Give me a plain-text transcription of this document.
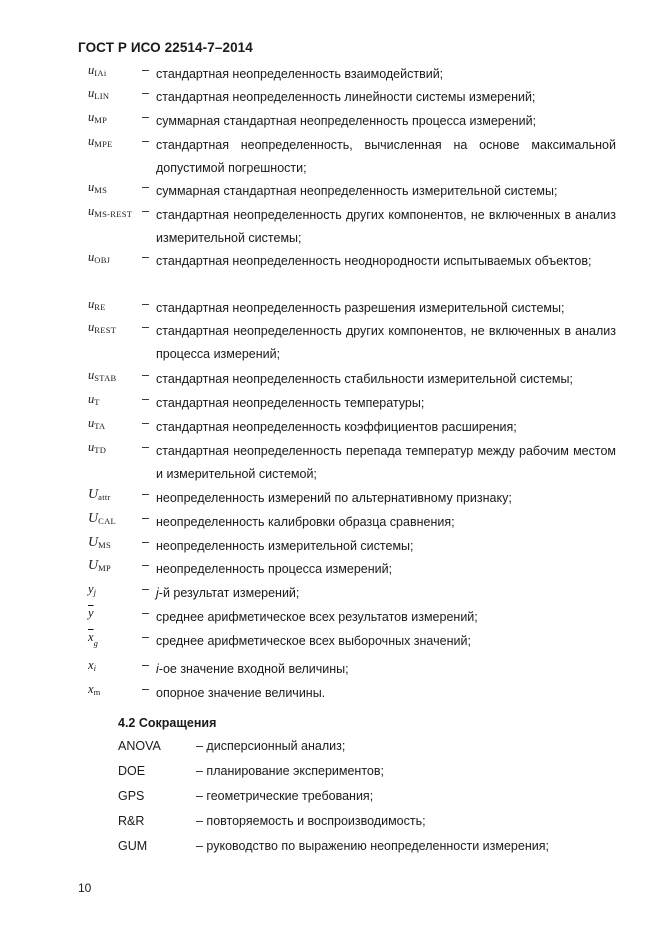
ГОСТ Р ИСО 22514-7–2014
$u_{IAi}$	– стандартная неопределенность взаимодействий;
$u_{LIN}$	– стандартная неопределенность линейности системы измерений;
$u_{MP}$	– суммарная стандартная неопределенность процесса измерений;
$u_{MPE}$ – стандартная неопределенность, вычисленная на основе максимальной допустимой погрешности;
$u_{MS}$	– суммарная стандартная неопределенность измерительной системы;
$u_{MS-REST}$ – стандартная неопределенность других компонентов, не включенных в анализ измерительной системы;
$u_{OBJ}$	– стандартная неопределенность неоднородности испытываемых объектов;
$u_{RE}$	– стандартная неопределенность разрешения измерительной системы;
$u_{REST}$ – стандартная неопределенность других компонентов, не включенных в анализ процесса измерений;
$u_{STAB}$ – стандартная неопределенность стабильности измерительной системы;
$u_T$	– стандартная неопределенность температуры;
$u_{TA}$	– стандартная неопределенность коэффициентов расширения;
$u_{TD}$	– стандартная неопределенность перепада температур между рабочим местом и измерительной системой;
$U_{attr}$	– неопределенность измерений по альтернативному признаку;
$U_{CAL}$ – неопределенность калибровки образца сравнения;
$U_{MS}$ – неопределенность измерительной системы;
$U_{MP}$ – неопределенность процесса измерений;
$y_j$	– j-й результат измерений;
$\overline{y}$	– среднее арифметическое всех результатов измерений;
$\overline{x}_g$	– среднее арифметическое всех выборочных значений;
$x_i$	– i-ое значение входной величины;
$x_m$	– опорное значение величины.
4.2 Сокращения
ANOVA	– дисперсионный анализ;
DOE	– планирование экспериментов;
GPS	– геометрические требования;
R&R	– повторяемость и воспроизводимость;
GUM	– руководство по выражению неопределенности измерения;
10
